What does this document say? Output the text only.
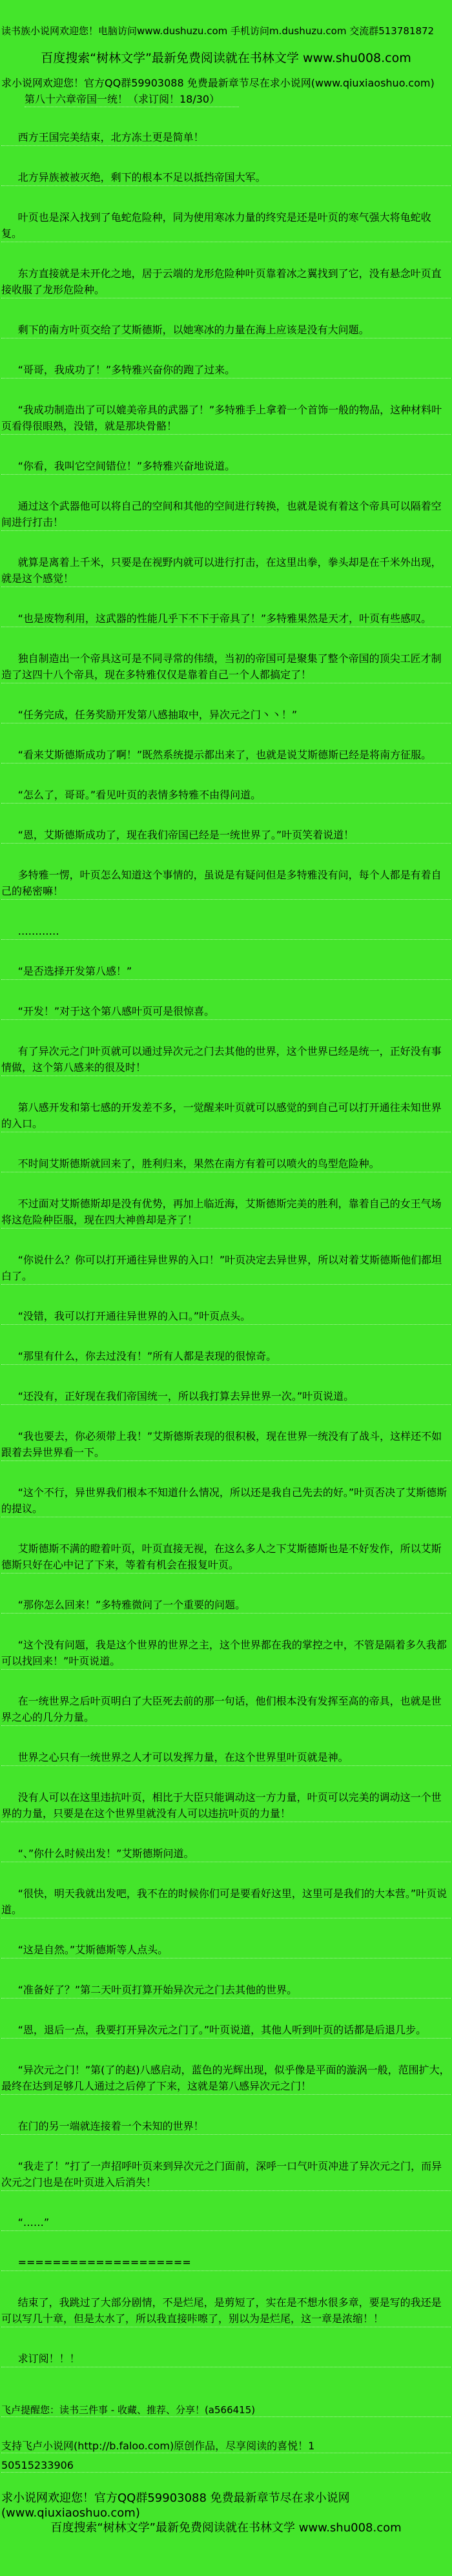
读书族小说网欢迎您！电脑访问www.dushuzu.com 手机访问m.dushuzu.com 交流群513781872

百度搜索“树林文学”最新免费阅读就在书林文学 www.shu008.com

求小说网欢迎您！官方QQ群59903088 免费最新章节尽在求小说网(www.qiuxiaoshuo.com)

第八十六章帝国一统！（求订阅！18/30）

西方王国完美结束，北方冻土更是简单！

北方异族被被灭绝，剩下的根本不足以抵挡帝国大军。

叶页也是深入找到了龟蛇危险种，同为使用寒冰力量的终究是还是叶页的寒气强大将龟蛇收复。

东方直接就是未开化之地，居于云端的龙形危险种叶页靠着冰之翼找到了它，没有悬念叶页直接收服了龙形危险种。

剩下的南方叶页交给了艾斯德斯，以她寒冰的力量在海上应该是没有大问题。

“哥哥，我成功了！”多特雅兴奋你的跑了过来。

“我成功制造出了可以媲美帝具的武器了！”多特雅手上拿着一个首饰一般的物品，这种材料叶页看得很眼熟，没错，就是那块骨骼！

“你看，我叫它空间错位！”多特雅兴奋地说道。

通过这个武器他可以将自己的空间和其他的空间进行转换，也就是说有着这个帝具可以隔着空间进行打击！

就算是离着上千米，只要是在视野内就可以进行打击，在这里出拳，拳头却是在千米外出现，就是这个感觉！

“也是废物利用，这武器的性能几乎下不下于帝具了！”多特雅果然是天才，叶页有些感叹。

独自制造出一个帝具这可是不同寻常的伟绩，当初的帝国可是聚集了整个帝国的顶尖工匠才制造了这四十八个帝具，现在多特雅仅仅是靠着自己一个人都搞定了！

“任务完成，任务奖励开发第八感抽取中，异次元之门丶丶！”

“看来艾斯德斯成功了啊！”既然系统提示都出来了，也就是说艾斯德斯已经是将南方征服。

“怎么了，哥哥。”看见叶页的表情多特雅不由得问道。

“恩，艾斯德斯成功了，现在我们帝国已经是一统世界了。”叶页笑着说道！

多特雅一愣，叶页怎么知道这个事情的，虽说是有疑问但是多特雅没有问，每个人都是有着自己的秘密嘛！

…………

“是否选择开发第八感！”

“开发！”对于这个第八感叶页可是很惊喜。

有了异次元之门叶页就可以通过异次元之门去其他的世界，这个世界已经是统一，正好没有事情做，这个第八感来的很及时！

第八感开发和第七感的开发差不多，一觉醒来叶页就可以感觉的到自己可以打开通往未知世界的入口。

不时间艾斯德斯就回来了，胜利归来，果然在南方有着可以喷火的鸟型危险种。

不过面对艾斯德斯却是没有优势，再加上临近海，艾斯德斯完美的胜利，靠着自己的女王气场将这危险种臣服，现在四大神兽却是齐了！

“你说什么？你可以打开通往异世界的入口！”叶页决定去异世界，所以对着艾斯德斯他们都坦白了。

“没错，我可以打开通往异世界的入口。”叶页点头。

“那里有什么，你去过没有！”所有人都是表现的很惊奇。

“还没有，正好现在我们帝国统一，所以我打算去异世界一次。”叶页说道。

“我也要去，你必须带上我！”艾斯德斯表现的很积极，现在世界一统没有了战斗，这样还不如跟着去异世界看一下。

“这个不行，异世界我们根本不知道什么情况，所以还是我自己先去的好。”叶页否决了艾斯德斯的提议。

艾斯德斯不满的瞪着叶页，叶页直接无视，在这么多人之下艾斯德斯也是不好发作，所以艾斯德斯只好在心中记了下来，等着有机会在报复叶页。

“那你怎么回来！”多特雅微问了一个重要的问题。

“这个没有问题，我是这个世界的世界之主，这个世界都在我的掌控之中，不管是隔着多久我都可以找回来！”叶页说道。

在一统世界之后叶页明白了大臣死去前的那一句话，他们根本没有发挥至高的帝具，也就是世界之心的几分力量。

世界之心只有一统世界之人才可以发挥力量，在这个世界里叶页就是神。

没有人可以在这里违抗叶页，相比于大臣只能调动这一方力量，叶页可以完美的调动这一个世界的力量，只要是在这个世界里就没有人可以违抗叶页的力量！

“、”你什么时候出发！”艾斯德斯问道。

“很快，明天我就出发吧，我不在的时候你们可是要看好这里，这里可是我们的大本营。”叶页说道。

“这是自然。”艾斯德斯等人点头。

“准备好了？”第二天叶页打算开始异次元之门去其他的世界。

“恩，退后一点，我要打开异次元之门了。”叶页说道，其他人听到叶页的话都是后退几步。

“异次元之门！”第(了的赵)八感启动，蓝色的光辉出现，似乎像是平面的漩涡一般，范围扩大，最终在达到足够几人通过之后停了下来，这就是第八感异次元之门！

在门的另一端就连接着一个未知的世界！

“我走了！”打了一声招呼叶页来到异次元之门面前，深呼一口气叶页冲进了异次元之门，而异次元之门也是在叶页进入后消失！

“……”

====================

结束了，我跳过了大部分剧情，不是烂尾，是剪短了，实在是不想水很多章，要是写的我还是可以写几十章，但是太水了，所以我直接咔嚓了，别以为是烂尾，这一章是浓缩！！

求订阅！！！

飞卢提醒您：读书三件事 - 收藏、推荐、分享！(a566415)

支持飞卢小说网(http://b.faloo.com)原创作品，尽享阅读的喜悦！1

50515233906

求小说网欢迎您！官方QQ群59903088 免费最新章节尽在求小说网(www.qiuxiaoshuo.com)

百度搜索“树林文学”最新免费阅读就在书林文学 www.shu008.com
